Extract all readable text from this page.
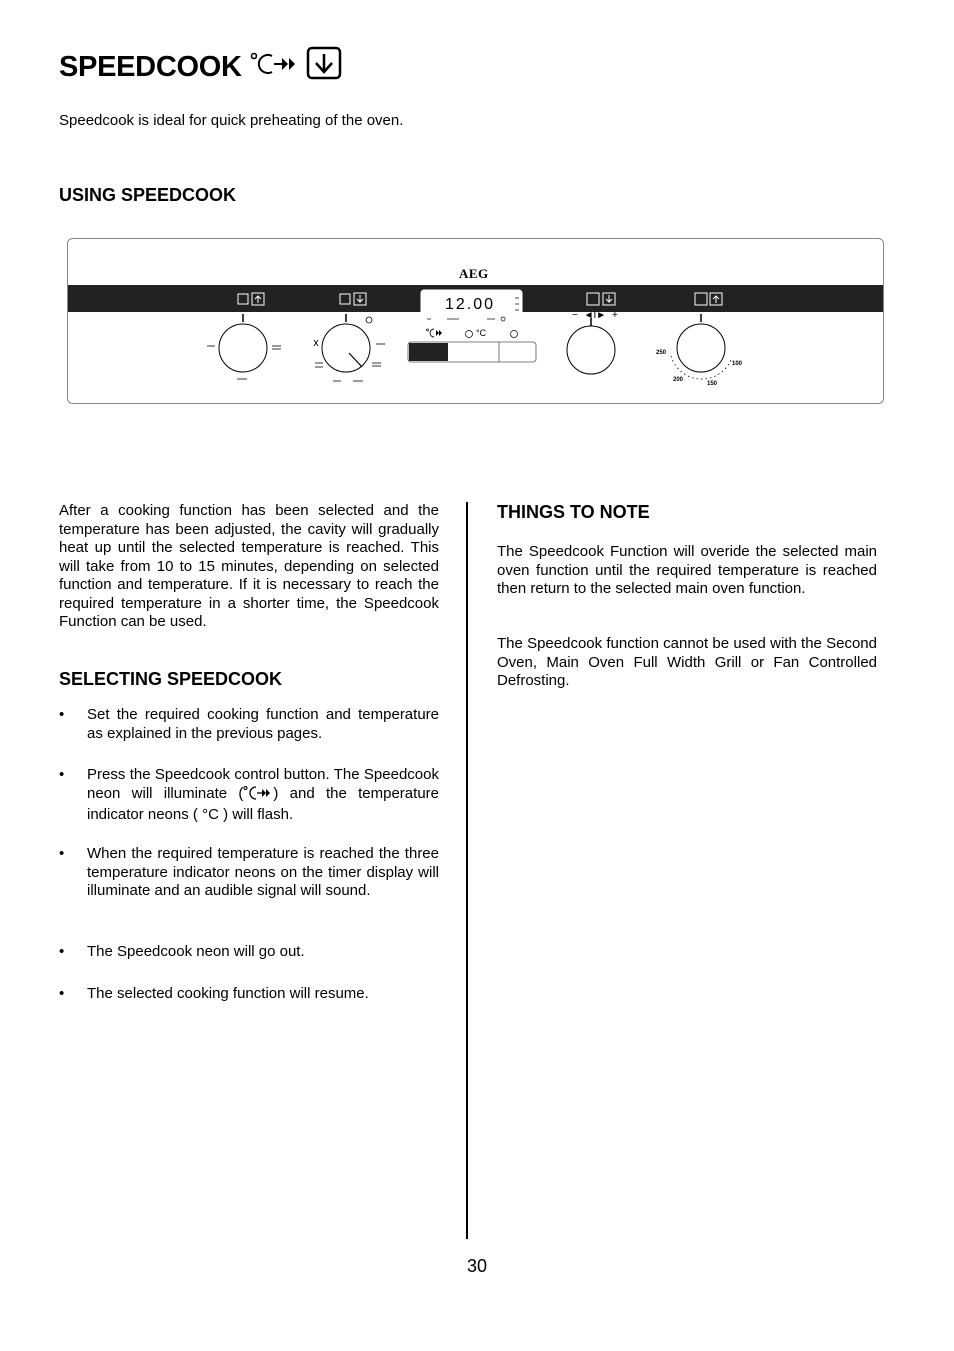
SPEEDCOOK
Speedcook is ideal for quick preheating of the oven.
USING SPEEDCOOK
AEG
12.00
°C
− ◄I► +
250
100
200
150
After a cooking function has been selected and the temperature has been adjusted, the cavity will gradually heat up until the selected temperature is reached. This will take from 10 to 15 minutes, depending on selected function and temperature. If it is necessary to reach the required temperature in a shorter time, the Speedcook Function can be used.
SELECTING SPEEDCOOK
• Set the required cooking function and temperature as explained in the previous pages.
• Press the Speedcook control button. The Speedcook neon will illuminate ( ) and the temperature indicator neons ( °C ) will flash.
• When the required temperature is reached the three temperature indicator neons on the timer display will illuminate and an audible signal will sound.
• The Speedcook neon will go out.
• The selected cooking function will resume.
THINGS TO NOTE
The Speedcook Function will overide the selected main oven function until the required temperature is reached then return to the selected main oven function.
The Speedcook function cannot be used with the Second Oven, Main Oven Full Width Grill or Fan Controlled Defrosting.
30
